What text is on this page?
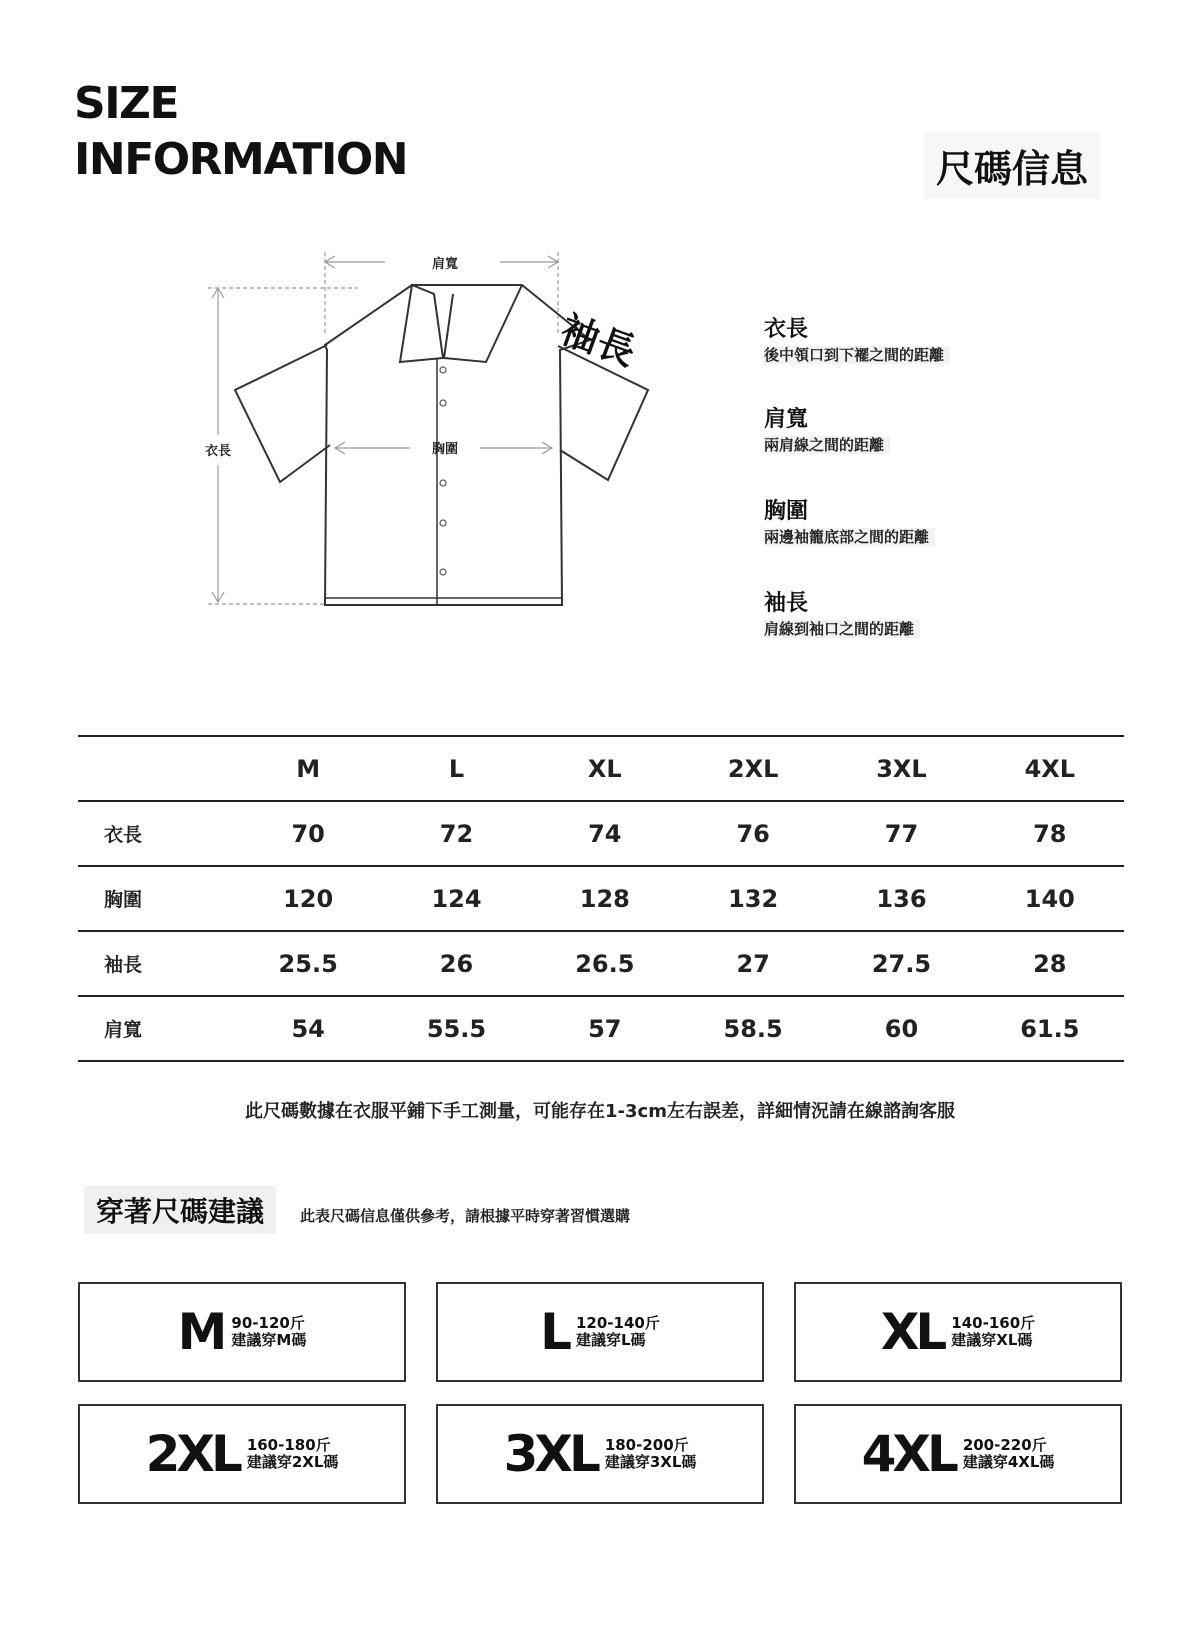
SIZE
INFORMATION	尺碼信息
肩寬
胸圍
衣長
袖長	衣長
後中領口到下襬之間的距離
肩寬
兩肩線之間的距離
胸圍
兩邊袖籠底部之間的距離
袖長
肩線到袖口之間的距離
	M	L	XL	2XL	3XL	4XL
衣長	70	72	74	76	77	78
胸圍	120	124	128	132	136	140
袖長	25.5	26	26.5	27	27.5	28
肩寬	54	55.5	57	58.5	60	61.5
此尺碼數據在衣服平鋪下手工測量，可能存在1-3cm左右誤差，詳細情況請在線諮詢客服
穿著尺碼建議	此表尺碼信息僅供參考，請根據平時穿著習慣選購
M 90-120斤
建議穿M碼	L 120-140斤
建議穿L碼	XL 140-160斤
建議穿XL碼
2XL 160-180斤
建議穿2XL碼	3XL 180-200斤
建議穿3XL碼	4XL 200-220斤
建議穿4XL碼
